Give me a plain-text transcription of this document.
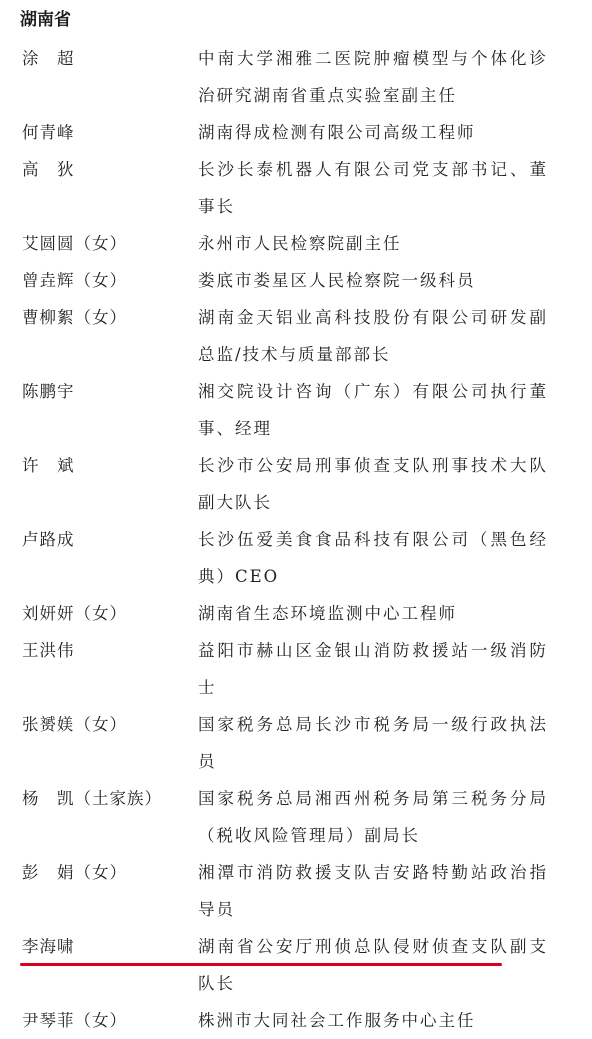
湖南省
涂　超	中南大学湘雅二医院肿瘤模型与个体化诊治研究湖南省重点实验室副主任
何青峰	湖南得成检测有限公司高级工程师
高　狄	长沙长泰机器人有限公司党支部书记、董事长
艾圆圆（女）	永州市人民检察院副主任
曾垚辉（女）	娄底市娄星区人民检察院一级科员
曹柳絮（女）	湖南金天铝业高科技股份有限公司研发副总监/技术与质量部部长
陈鹏宇	湘交院设计咨询（广东）有限公司执行董事、经理
许　斌	长沙市公安局刑事侦查支队刑事技术大队副大队长
卢路成	长沙伍爱美食食品科技有限公司（黑色经典）CEO
刘妍妍（女）	湖南省生态环境监测中心工程师
王洪伟	益阳市赫山区金银山消防救援站一级消防士
张赟媄（女）	国家税务总局长沙市税务局一级行政执法员
杨　凯（土家族）	国家税务总局湘西州税务局第三税务分局（税收风险管理局）副局长
彭　娟（女）	湘潭市消防救援支队吉安路特勤站政治指导员
李海啸	湖南省公安厅刑侦总队侵财侦查支队副支队长
尹琴菲（女）	株洲市大同社会工作服务中心主任
